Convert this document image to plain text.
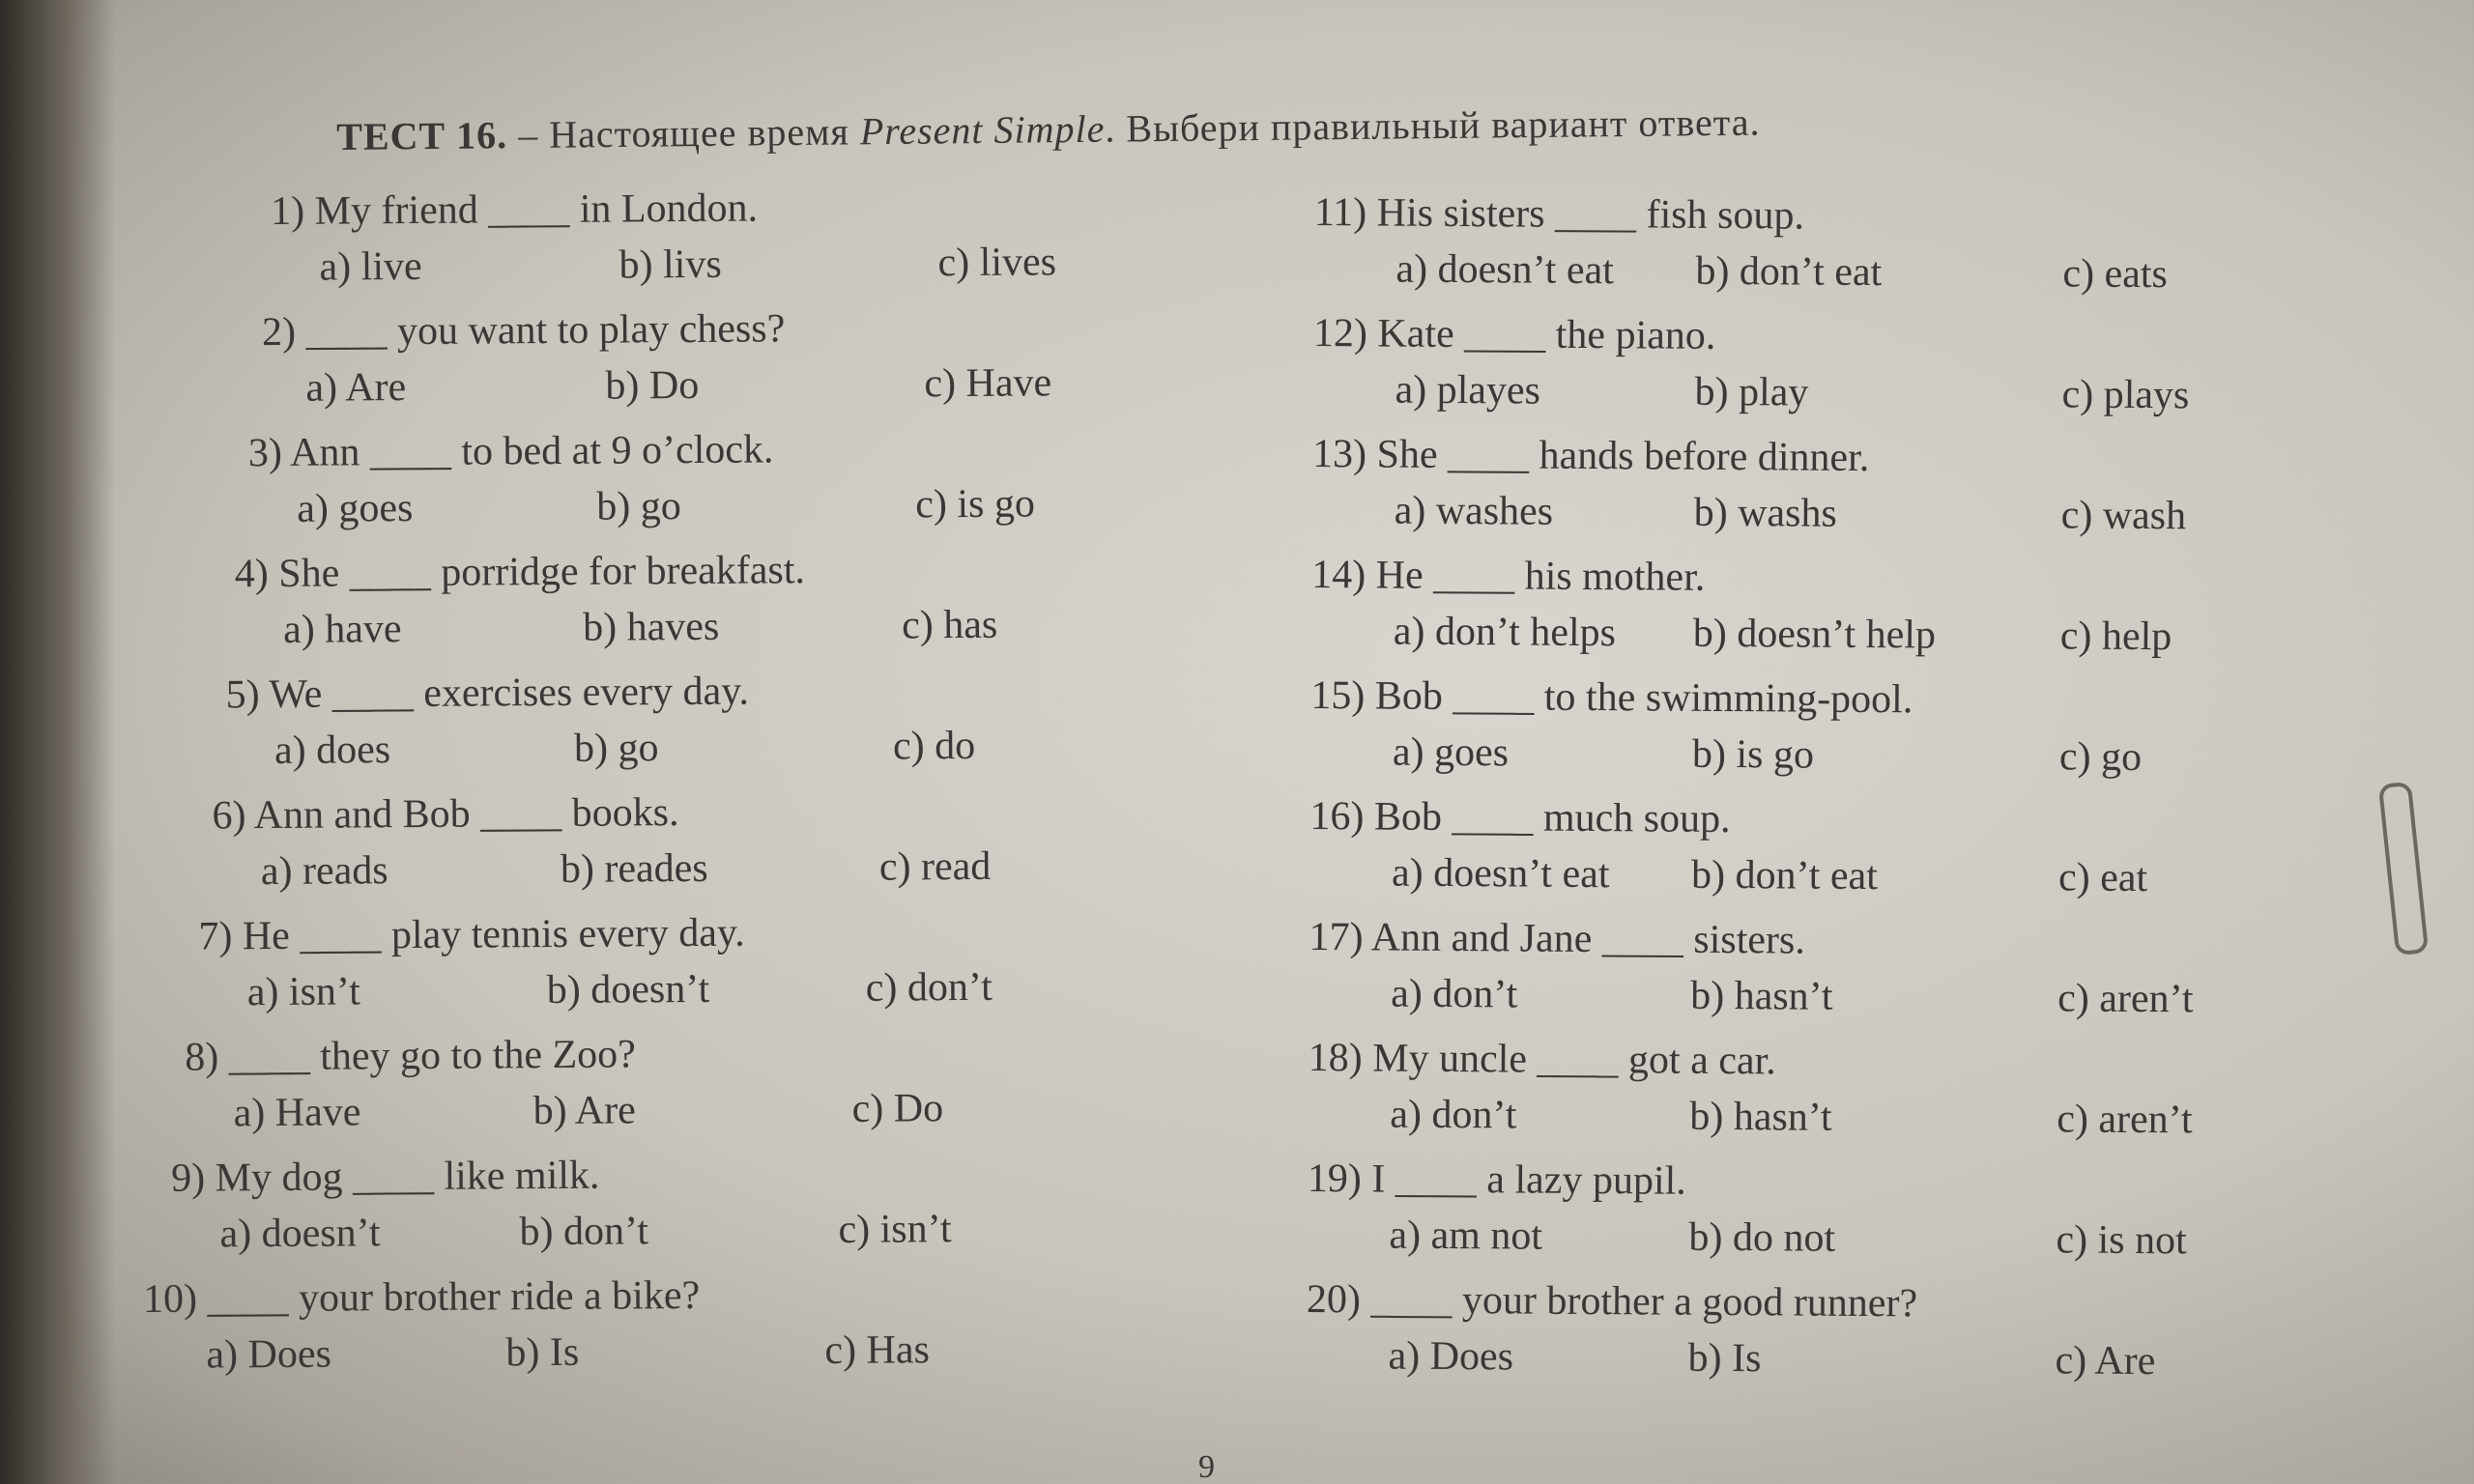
ТЕСТ 16. – Настоящее время Present Simple. Выбери правильный вариант ответа.
1) My friend ____ in London.
a) live	b) livs	c) lives
2) ____ you want to play chess?
a) Are	b) Do	c) Have
3) Ann ____ to bed at 9 o’clock.
a) goes	b) go	c) is go
4) She ____ porridge for breakfast.
a) have	b) haves	c) has
5) We ____ exercises every day.
a) does	b) go	c) do
6) Ann and Bob ____ books.
a) reads	b) reades	c) read
7) He ____ play tennis every day.
a) isn’t	b) doesn’t	c) don’t
8) ____ they go to the Zoo?
a) Have	b) Are	c) Do
9) My dog ____ like milk.
a) doesn’t	b) don’t	c) isn’t
10) ____ your brother ride a bike?
a) Does	b) Is	c) Has
11) His sisters ____ fish soup.
a) doesn’t eat b) don’t eat	c) eats
12) Kate ____ the piano.
a) playes	b) play	c) plays
13) She ____ hands before dinner.
a) washes	b) washs	c) wash
14) He ____ his mother.
a) don’t helps b) doesn’t help	c) help
15) Bob ____ to the swimming-pool.
a) goes	b) is go	c) go
16) Bob ____ much soup.
a) doesn’t eat b) don’t eat	c) eat
17) Ann and Jane ____ sisters.
a) don’t	b) hasn’t	c) aren’t
18) My uncle ____ got a car.
a) don’t	b) hasn’t	c) aren’t
19) I ____ a lazy pupil.
a) am not	b) do not	c) is not
20) ____ your brother a good runner?
a) Does	b) Is	c) Are
9
